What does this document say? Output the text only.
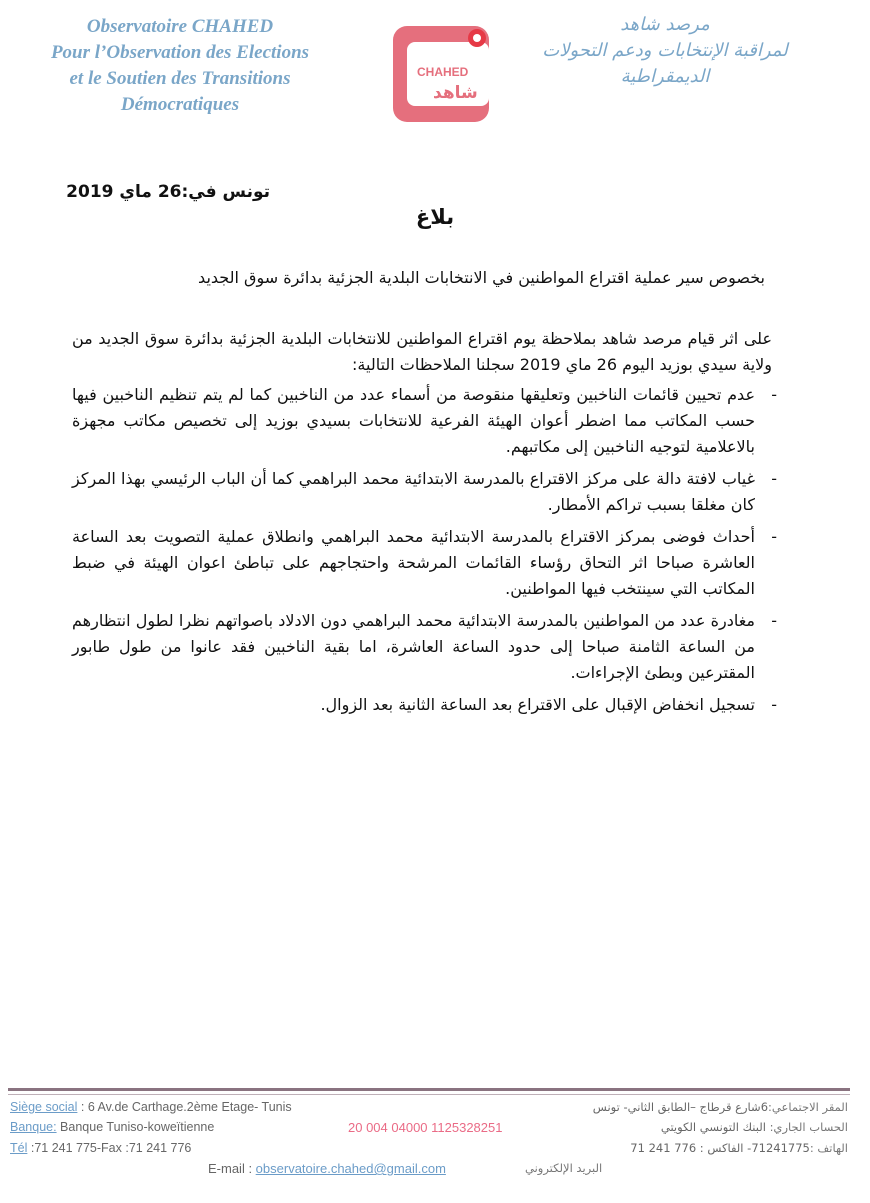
Observatoire CHAHED
Pour l’Observation des Elections
et le Soutien des Transitions
Démocratiques
CHAHED
شاهد
مرصد شاهد
لمراقبة الإنتخابات ودعم التحولات
الديمقراطية
تونس في:26 ماي 2019
بلاغ
بخصوص سير عملية اقتراع المواطنين في الانتخابات البلدية الجزئية بدائرة سوق الجديد
على اثر قيام مرصد شاهد بملاحظة يوم اقتراع المواطنين للانتخابات البلدية الجزئية بدائرة سوق الجديد من ولاية سيدي بوزيد اليوم 26 ماي 2019 سجلنا الملاحظات التالية:
-
عدم تحيين قائمات الناخبين وتعليقها منقوصة من أسماء عدد من الناخبين كما لم يتم تنظيم الناخبين فيها حسب المكاتب مما اضطر أعوان الهيئة الفرعية للانتخابات بسيدي بوزيد إلى تخصيص مكاتب مجهزة بالاعلامية لتوجيه الناخبين إلى مكاتبهم.
-
غياب لافتة دالة على مركز الاقتراع بالمدرسة الابتدائية محمد البراهمي كما أن الباب الرئيسي بهذا المركز كان مغلقا بسبب تراكم الأمطار.
-
أحداث فوضى بمركز الاقتراع بالمدرسة الابتدائية محمد البراهمي وانطلاق عملية التصويت بعد الساعة العاشرة صباحا اثر التحاق رؤساء القائمات المرشحة واحتجاجهم على تباطئ اعوان الهيئة في ضبط المكاتب التي سينتخب فيها المواطنين.
-
مغادرة عدد من المواطنين بالمدرسة الابتدائية محمد البراهمي دون الادلاد باصواتهم نظرا لطول انتظارهم من الساعة الثامنة صباحا إلى حدود الساعة العاشرة، اما بقية الناخبين فقد عانوا من طول طابور المقترعين وبطئ الإجراءات.
-
تسجيل انخفاض الإقبال على الاقتراع بعد الساعة الثانية بعد الزوال.
Siège social : 6 Av.de Carthage.2ème Etage- Tunis
Banque: Banque Tuniso-koweïtienne	20 004 04000 1125328251
Tél :71 241 775-Fax :71 241 776
E-mail : observatoire.chahed@gmail.com	البريد الإلكتروني
المقر الاجتماعي:6شارع قرطاج –الطابق الثاني- تونس
الحساب الجاري: البنك التونسي الكويتي
الهاتف :71241775- الفاكس : 776 241 71
